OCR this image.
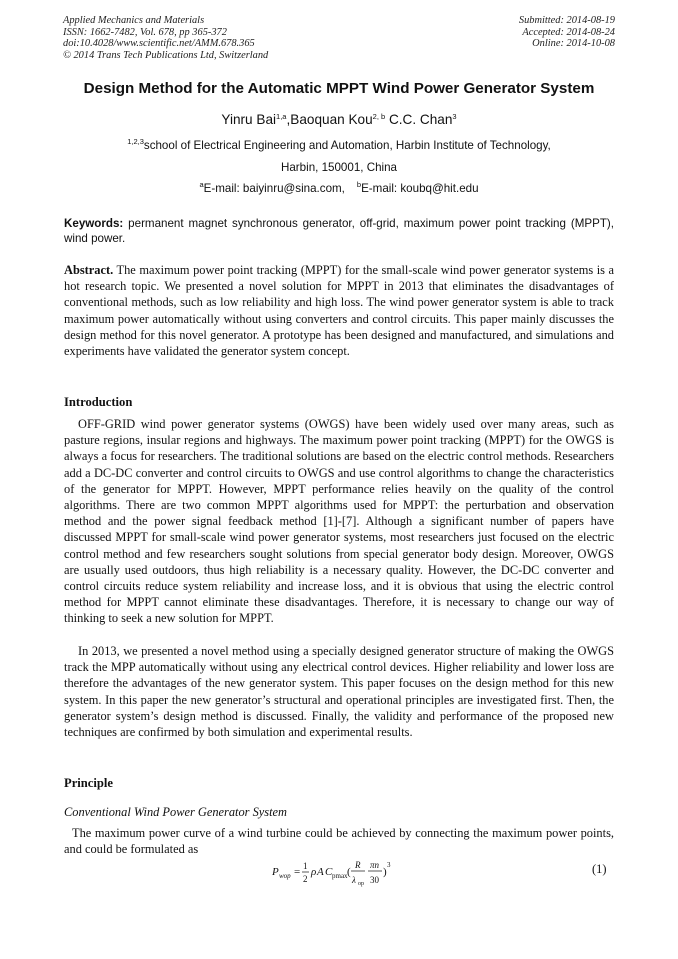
Applied Mechanics and Materials
ISSN: 1662-7482, Vol. 678, pp 365-372
doi:10.4028/www.scientific.net/AMM.678.365
© 2014 Trans Tech Publications Ltd, Switzerland
Submitted: 2014-08-19
Accepted: 2014-08-24
Online: 2014-10-08
Design Method for the Automatic MPPT Wind Power Generator System
Yinru Bai$^{1,a}$,Baoquan Kou$^{2, b}$ C.C. Chan$^3$
$^{1,2,3}$school of Electrical Engineering and Automation, Harbin Institute of Technology,
Harbin, 150001, China
$^a$E-mail: baiyinru@sina.com, $^b$E-mail: koubq@hit.edu
Keywords: permanent magnet synchronous generator, off-grid, maximum power point tracking (MPPT), wind power.
Abstract. The maximum power point tracking (MPPT) for the small-scale wind power generator systems is a hot research topic. We presented a novel solution for MPPT in 2013 that eliminates the disadvantages of conventional methods, such as low reliability and high loss. The wind power generator system is able to track maximum power automatically without using converters and control circuits. This paper mainly discusses the design method for this novel generator. A prototype has been designed and manufactured, and simulations and experiments have validated the generator system concept.
Introduction
OFF-GRID wind power generator systems (OWGS) have been widely used over many areas, such as pasture regions, insular regions and highways. The maximum power point tracking (MPPT) for the OWGS is always a focus for researchers. The traditional solutions are based on the electric control methods. Researchers add a DC-DC converter and control circuits to OWGS and use control algorithms to change the characteristics of the generator for MPPT. However, MPPT performance relies heavily on the quality of the control algorithms. There are two common MPPT algorithms used for MPPT: the perturbation and observation method and the power signal feedback method [1]-[7]. Although a significant number of papers have discussed MPPT for small-scale wind power generator systems, most researchers just focused on the electric control method and few researchers sought solutions from special generator body design. Moreover, OWGS are usually used outdoors, thus high reliability is a necessary quality. However, the DC-DC converter and control circuits reduce system reliability and increase loss, and it is obvious that using the electric control method for MPPT cannot eliminate these disadvantages. Therefore, it is necessary to change our way of thinking to seek a new solution for MPPT.
In 2013, we presented a novel method using a specially designed generator structure of making the OWGS track the MPP automatically without using any electrical control devices. Higher reliability and lower loss are therefore the advantages of the new generator system. This paper focuses on the design method for this new system. In this paper the new generator’s structural and operational principles are investigated first. Then, the generator system’s design method is discussed. Finally, the validity and performance of the proposed new techniques are confirmed by both simulation and experimental results.
Principle
Conventional Wind Power Generator System
The maximum power curve of a wind turbine could be achieved by connecting the maximum power points, and could be formulated as
P wop = 1
2
ρ A C pmax (
R
λ op
πn
30
)
3	(1)
